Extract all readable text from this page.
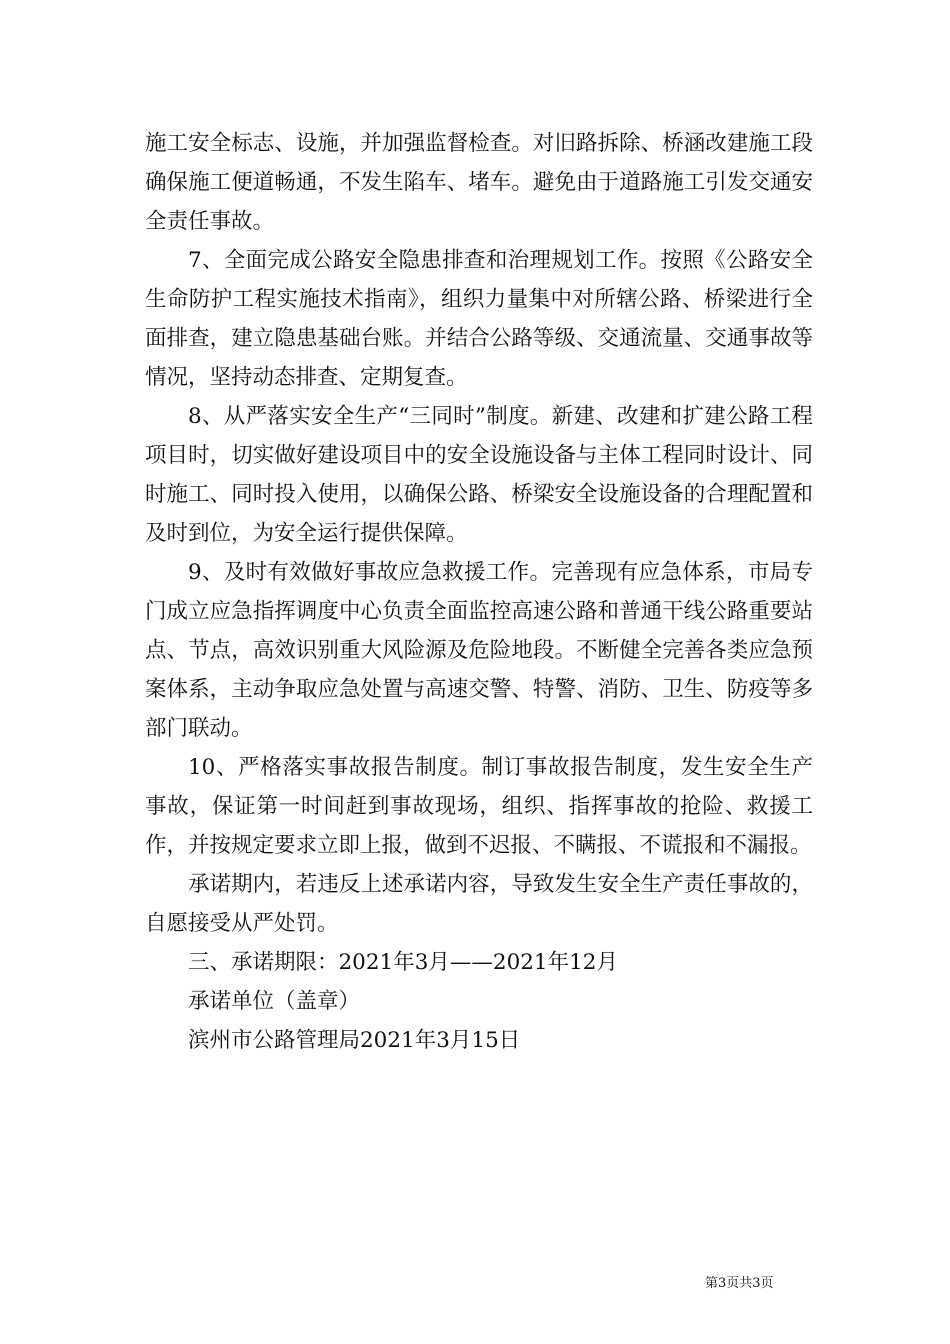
施工安全标志、设施，并加强监督检查。对旧路拆除、桥涵改建施工段确保施工便道畅通，不发生陷车、堵车。避免由于道路施工引发交通安全责任事故。

7、全面完成公路安全隐患排查和治理规划工作。按照《公路安全生命防护工程实施技术指南》，组织力量集中对所辖公路、桥梁进行全面排查，建立隐患基础台账。并结合公路等级、交通流量、交通事故等情况，坚持动态排查、定期复查。

8、从严落实安全生产“三同时”制度。新建、改建和扩建公路工程项目时，切实做好建设项目中的安全设施设备与主体工程同时设计、同时施工、同时投入使用，以确保公路、桥梁安全设施设备的合理配置和及时到位，为安全运行提供保障。

9、及时有效做好事故应急救援工作。完善现有应急体系，市局专门成立应急指挥调度中心负责全面监控高速公路和普通干线公路重要站点、节点，高效识别重大风险源及危险地段。不断健全完善各类应急预案体系，主动争取应急处置与高速交警、特警、消防、卫生、防疫等多部门联动。

10、严格落实事故报告制度。制订事故报告制度，发生安全生产事故，保证第一时间赶到事故现场，组织、指挥事故的抢险、救援工作，并按规定要求立即上报，做到不迟报、不瞒报、不谎报和不漏报。

承诺期内，若违反上述承诺内容，导致发生安全生产责任事故的，自愿接受从严处罚。

三、承诺期限：2021年3月——2021年12月

承诺单位（盖章）

滨州市公路管理局2021年3月15日

第3页共3页
